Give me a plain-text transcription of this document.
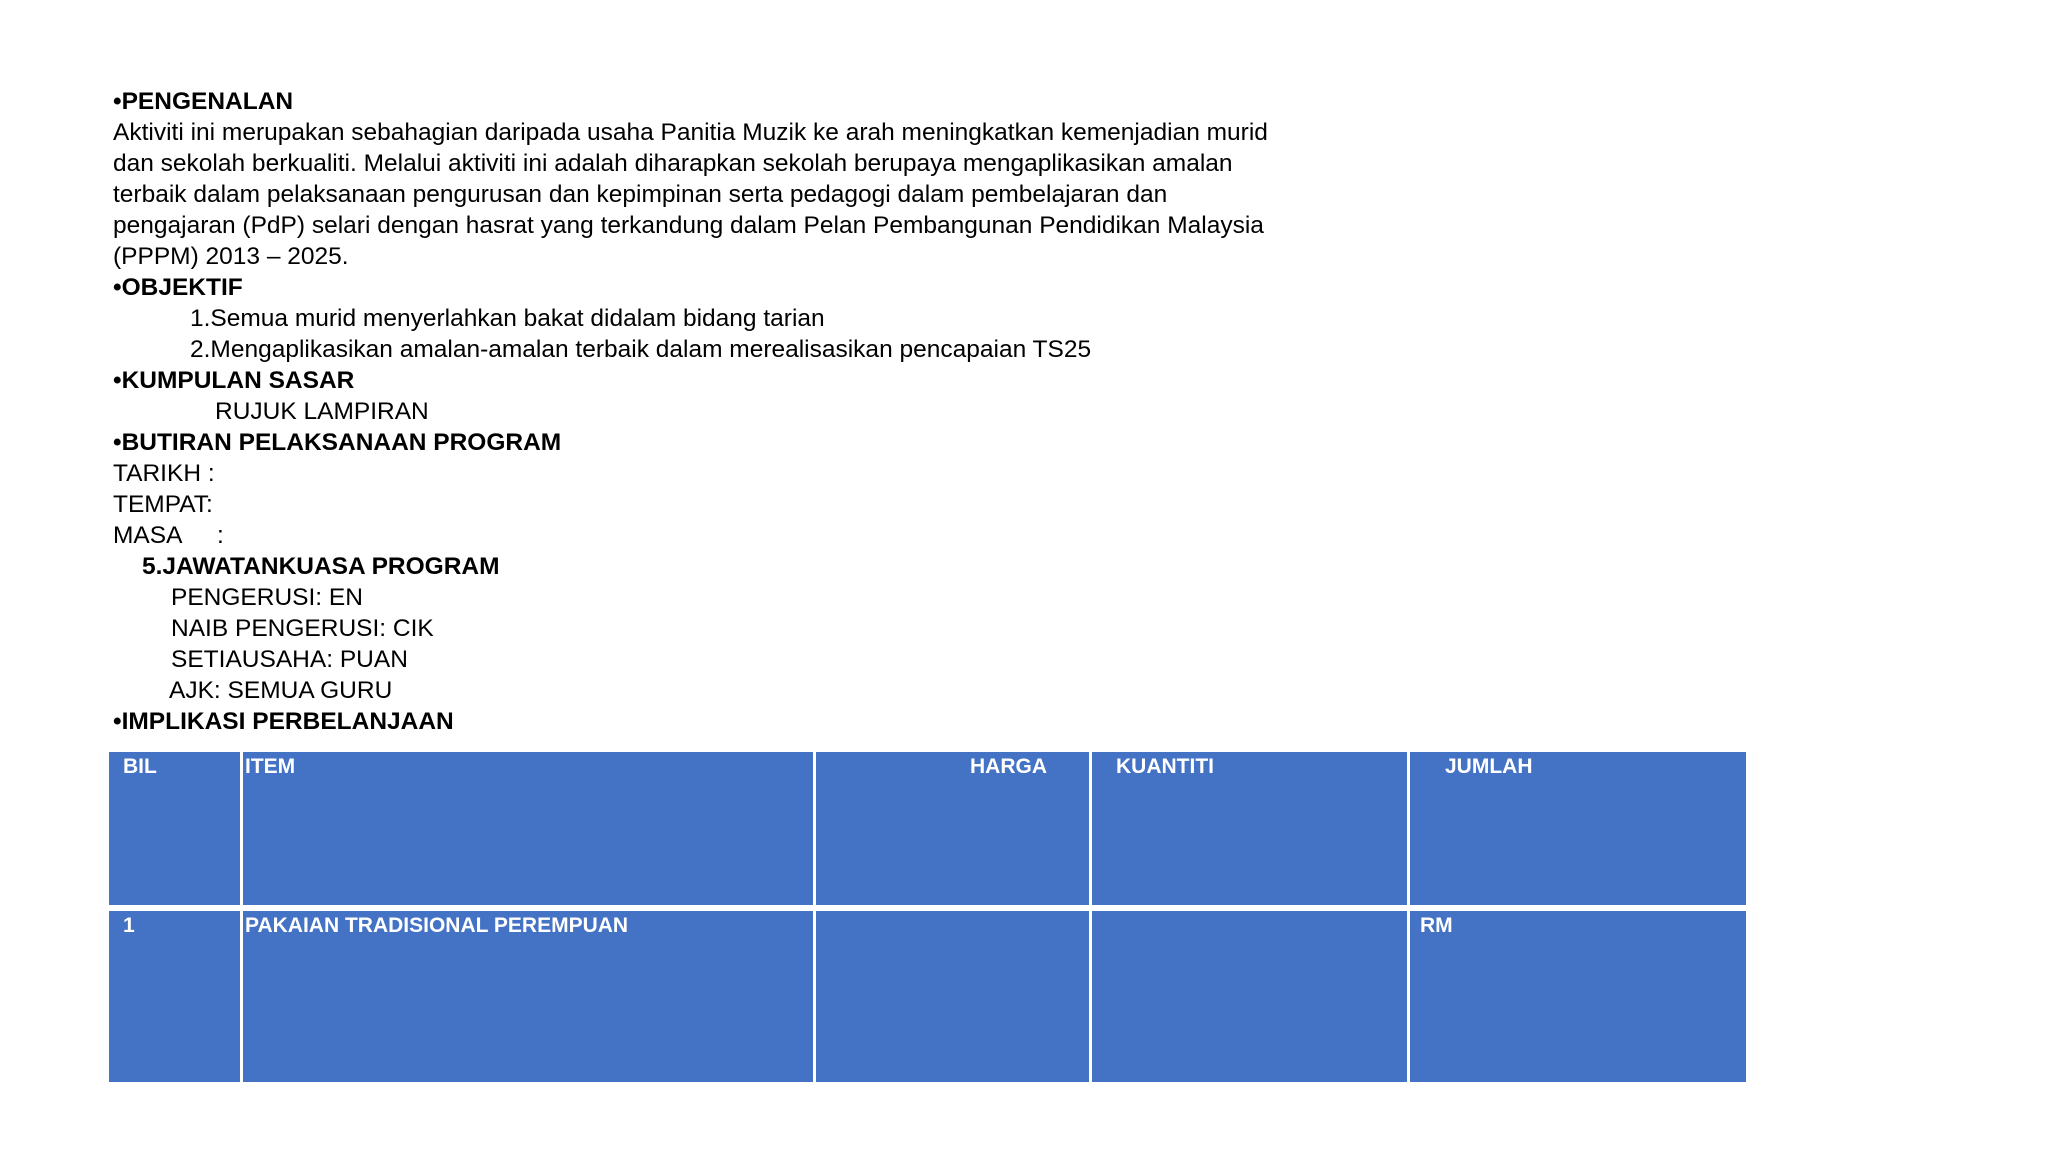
•PENGENALAN
Aktiviti ini merupakan sebahagian daripada usaha Panitia Muzik ke arah meningkatkan kemenjadian murid
dan sekolah berkualiti. Melalui aktiviti ini adalah diharapkan sekolah berupaya mengaplikasikan amalan
terbaik dalam pelaksanaan pengurusan dan kepimpinan serta pedagogi dalam pembelajaran dan
pengajaran (PdP) selari dengan hasrat yang terkandung dalam Pelan Pembangunan Pendidikan Malaysia
(PPPM) 2013 – 2025.
•OBJEKTIF
1.Semua murid menyerlahkan bakat didalam bidang tarian
2.Mengaplikasikan amalan-amalan terbaik dalam merealisasikan pencapaian TS25
•KUMPULAN SASAR
RUJUK LAMPIRAN
•BUTIRAN PELAKSANAAN PROGRAM
TARIKH :
TEMPAT:
MASA :
5.JAWATANKUASA PROGRAM
PENGERUSI: EN
NAIB PENGERUSI: CIK
SETIAUSAHA: PUAN
AJK: SEMUA GURU
•IMPLIKASI PERBELANJAAN
BIL	ITEM	HARGA	KUANTITI	JUMLAH
1	PAKAIAN TRADISIONAL PEREMPUAN			RM
